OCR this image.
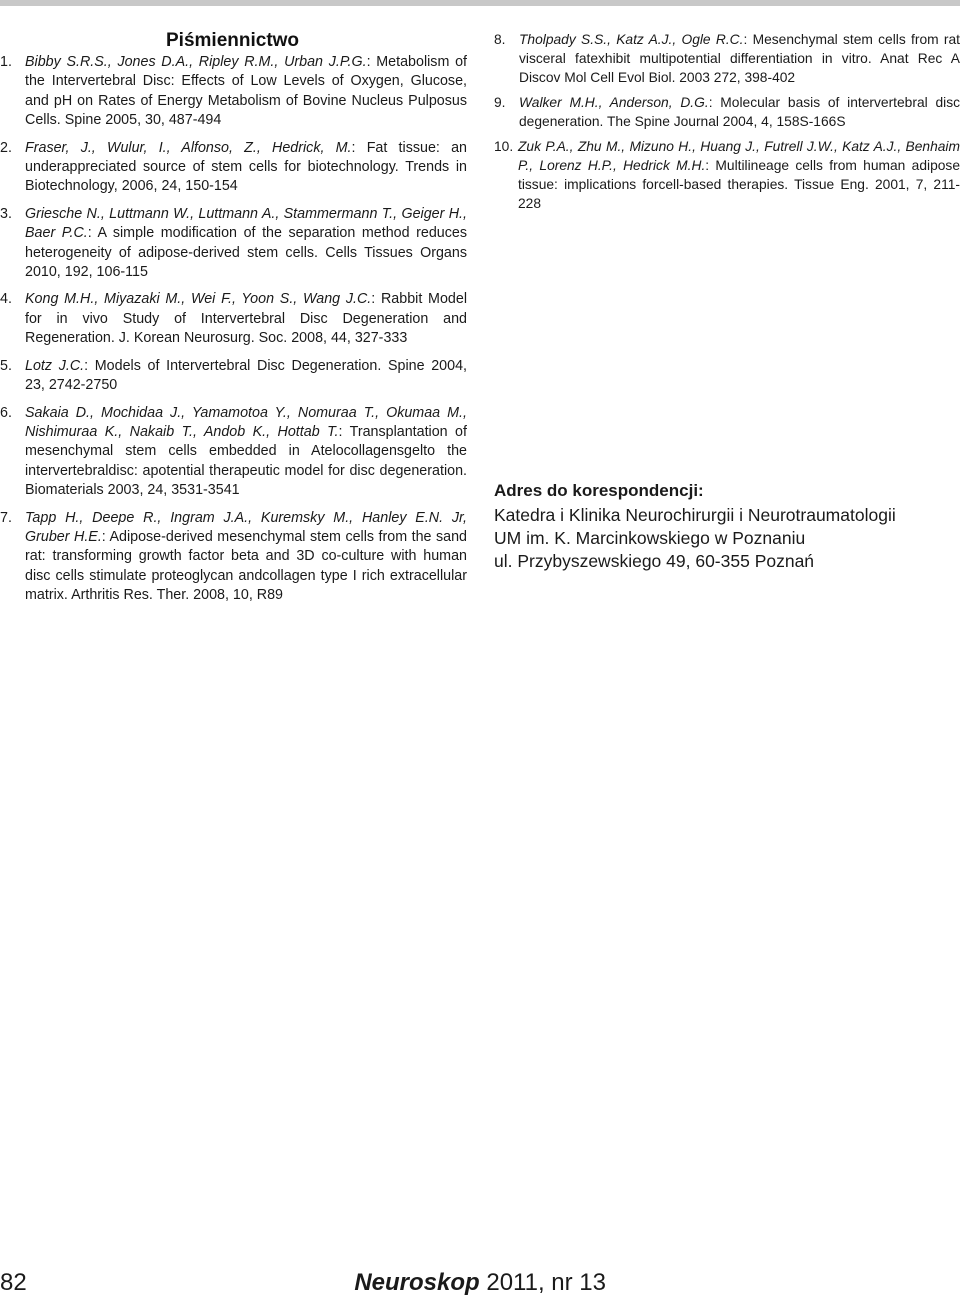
Piśmiennictwo
1. Bibby S.R.S., Jones D.A., Ripley R.M., Urban J.P.G.: Metabolism of the Intervertebral Disc: Effects of Low Levels of Oxygen, Glucose, and pH on Rates of Energy Metabolism of Bovine Nucleus Pulposus Cells. Spine 2005, 30, 487-494
2. Fraser, J., Wulur, I., Alfonso, Z., Hedrick, M.: Fat tissue: an underappreciated source of stem cells for biotechnology. Trends in Biotechnology, 2006, 24, 150-154
3. Griesche N., Luttmann W., Luttmann A., Stammermann T., Geiger H., Baer P.C.: A simple modification of the separation method reduces heterogeneity of adipose-derived stem cells. Cells Tissues Organs 2010, 192, 106-115
4. Kong M.H., Miyazaki M., Wei F., Yoon S., Wang J.C.: Rabbit Model for in vivo Study of Intervertebral Disc Degeneration and Regeneration. J. Korean Neurosurg. Soc. 2008, 44, 327-333
5. Lotz J.C.: Models of Intervertebral Disc Degeneration. Spine 2004, 23, 2742-2750
6. Sakaia D., Mochidaa J., Yamamotoa Y., Nomuraa T., Okumaa M., Nishimuraa K., Nakaib T., Andob K., Hottab T.: Transplantation of mesenchymal stem cells embedded in Atelocollagensgelto the intervertebraldisc: apotential therapeutic model for disc degeneration. Biomaterials 2003, 24, 3531-3541
7. Tapp H., Deepe R., Ingram J.A., Kuremsky M., Hanley E.N. Jr, Gruber H.E.: Adipose-derived mesenchymal stem cells from the sand rat: transforming growth factor beta and 3D co-culture with human disc cells stimulate proteoglycan andcollagen type I rich extracellular matrix. Arthritis Res. Ther. 2008, 10, R89
8. Tholpady S.S., Katz A.J., Ogle R.C.: Mesenchymal stem cells from rat visceral fatexhibit multipotential differentiation in vitro. Anat Rec A Discov Mol Cell Evol Biol. 2003 272, 398-402
9. Walker M.H., Anderson, D.G.: Molecular basis of intervertebral disc degeneration. The Spine Journal 2004, 4, 158S-166S
10. Zuk P.A., Zhu M., Mizuno H., Huang J., Futrell J.W., Katz A.J., Benhaim P., Lorenz H.P., Hedrick M.H.: Multilineage cells from human adipose tissue: implications forcell-based therapies. Tissue Eng. 2001, 7, 211-228
Adres do korespondencji:
Katedra i Klinika Neurochirurgii i Neurotraumatologii
UM im. K. Marcinkowskiego w Poznaniu
ul. Przybyszewskiego 49, 60-355 Poznań
82	Neuroskop 2011, nr 13
